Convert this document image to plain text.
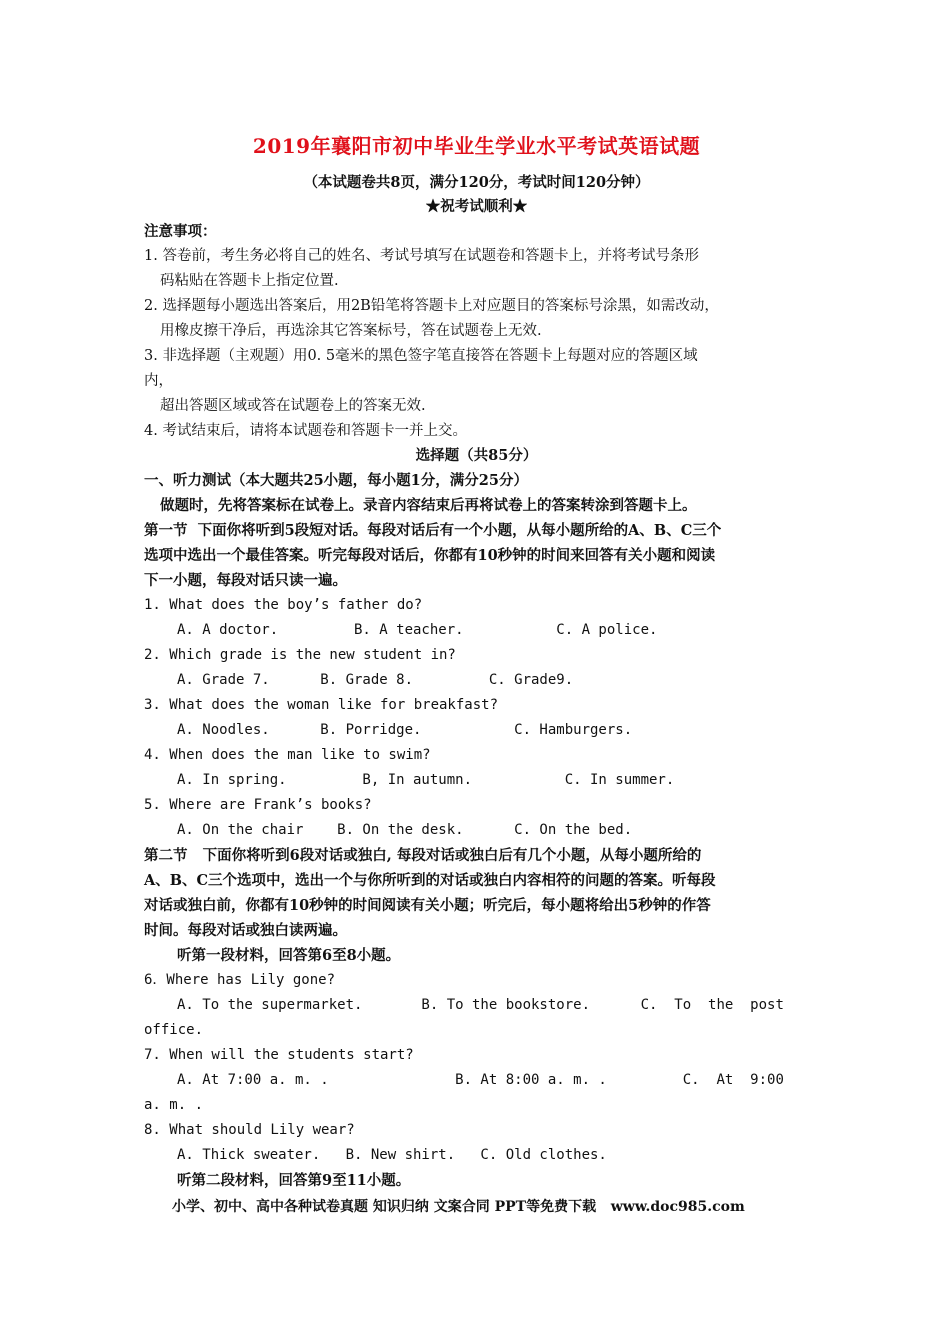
2019年襄阳市初中毕业生学业水平考试英语试题
（本试题卷共8页，满分120分，考试时间120分钟）
★祝考试顺利★
注意事项：
1. 答卷前，考生务必将自己的姓名、考试号填写在试题卷和答题卡上，并将考试号条形
码粘贴在答题卡上指定位置.
2. 选择题每小题选出答案后，用2B铅笔将答题卡上对应题目的答案标号涂黑，如需改动，
用橡皮擦干净后，再选涂其它答案标号，答在试题卷上无效.
3. 非选择题（主观题）用0. 5毫米的黑色签字笔直接答在答题卡上每题对应的答题区域
内，
超出答题区域或答在试题卷上的答案无效.
4. 考试结束后，请将本试题卷和答题卡一并上交。
选择题（共85分）
一、听力测试（本大题共25小题，每小题1分，满分25分）
做题时，先将答案标在试卷上。录音内容结束后再将试卷上的答案转涂到答题卡上。
第一节  下面你将听到5段短对话。每段对话后有一个小题，从每小题所给的A、B、C三个
选项中选出一个最佳答案。听完每段对话后，你都有10秒钟的时间来回答有关小题和阅读
下一小题，每段对话只读一遍。
1. What does the boy’s father do?
A. A doctor.         B. A teacher.           C. A police.
2. Which grade is the new student in?
A. Grade 7.      B. Grade 8.         C. Grade9.
3. What does the woman like for breakfast?
A. Noodles.      B. Porridge.           C. Hamburgers.
4. When does the man like to swim?
A. In spring.         B, In autumn.           C. In summer.
5. Where are Frank’s books?
A. On the chair    B. On the desk.      C. On the bed.
第二节   下面你将听到6段对话或独白, 每段对话或独白后有几个小题，从每小题所给的
A、B、C三个选项中，选出一个与你所听到的对话或独白内容相符的问题的答案。听每段
对话或独白前，你都有10秒钟的时间阅读有关小题；听完后，每小题将给出5秒钟的作答
时间。每段对话或独白读两遍。
听第一段材料，回答第6至8小题。
6．Where has Lily gone?
A. To the supermarket.       B. To the bookstore.      C.  To  the  post
office.
7. When will the students start?
A. At 7:00 a. m. .               B. At 8:00 a. m. .         C.  At  9:00
a. m. .
8. What should Lily wear?
A. Thick sweater.   B. New shirt.   C. Old clothes.
听第二段材料，回答第9至11小题。
小学、初中、高中各种试卷真题 知识归纳 文案合同 PPT等免费下载   www.doc985.com
